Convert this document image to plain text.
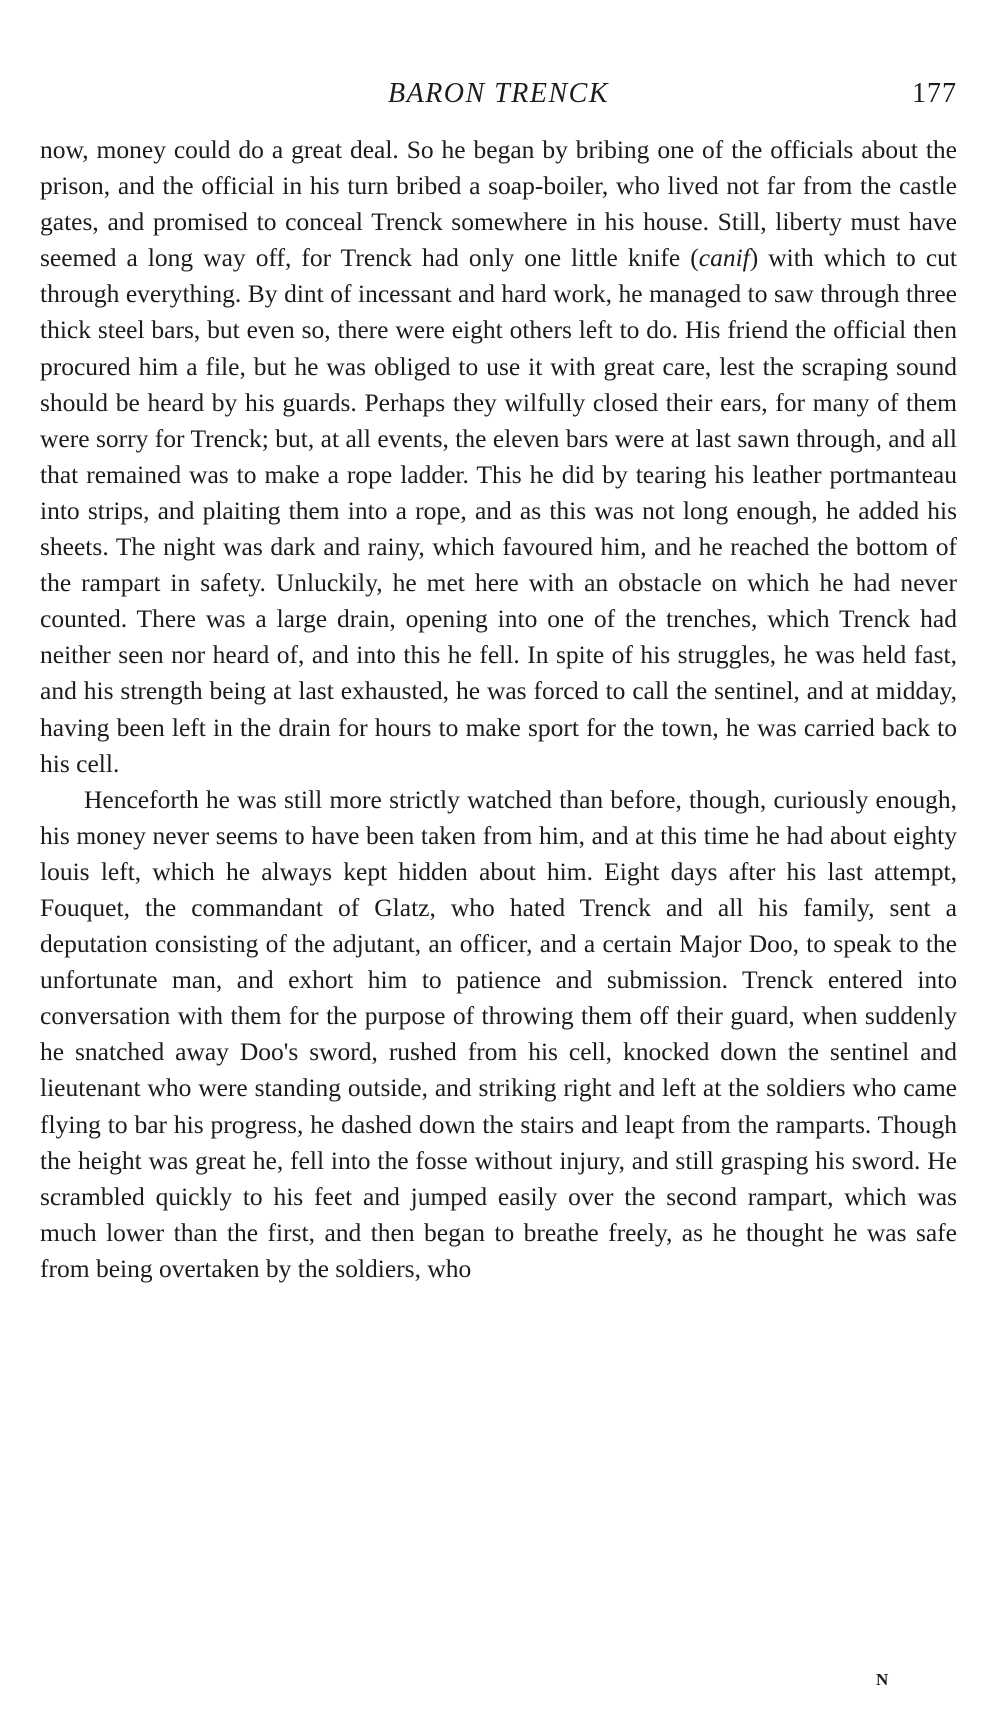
BARON TRENCK	177

now, money could do a great deal. So he began by bribing one of the officials about the prison, and the official in his turn bribed a soap-boiler, who lived not far from the castle gates, and promised to conceal Trenck somewhere in his house. Still, liberty must have seemed a long way off, for Trenck had only one little knife (canif) with which to cut through everything. By dint of incessant and hard work, he managed to saw through three thick steel bars, but even so, there were eight others left to do. His friend the official then procured him a file, but he was obliged to use it with great care, lest the scraping sound should be heard by his guards. Perhaps they wilfully closed their ears, for many of them were sorry for Trenck; but, at all events, the eleven bars were at last sawn through, and all that remained was to make a rope ladder. This he did by tearing his leather portmanteau into strips, and plaiting them into a rope, and as this was not long enough, he added his sheets. The night was dark and rainy, which favoured him, and he reached the bottom of the rampart in safety. Unluckily, he met here with an obstacle on which he had never counted. There was a large drain, opening into one of the trenches, which Trenck had neither seen nor heard of, and into this he fell. In spite of his struggles, he was held fast, and his strength being at last exhausted, he was forced to call the sentinel, and at midday, having been left in the drain for hours to make sport for the town, he was carried back to his cell.

Henceforth he was still more strictly watched than before, though, curiously enough, his money never seems to have been taken from him, and at this time he had about eighty louis left, which he always kept hidden about him. Eight days after his last attempt, Fouquet, the commandant of Glatz, who hated Trenck and all his family, sent a deputation consisting of the adjutant, an officer, and a certain Major Doo, to speak to the unfortunate man, and exhort him to patience and submission. Trenck entered into conversation with them for the purpose of throwing them off their guard, when suddenly he snatched away Doo's sword, rushed from his cell, knocked down the sentinel and lieutenant who were standing outside, and striking right and left at the soldiers who came flying to bar his progress, he dashed down the stairs and leapt from the ramparts. Though the height was great he, fell into the fosse without injury, and still grasping his sword. He scrambled quickly to his feet and jumped easily over the second rampart, which was much lower than the first, and then began to breathe freely, as he thought he was safe from being overtaken by the soldiers, who

N
